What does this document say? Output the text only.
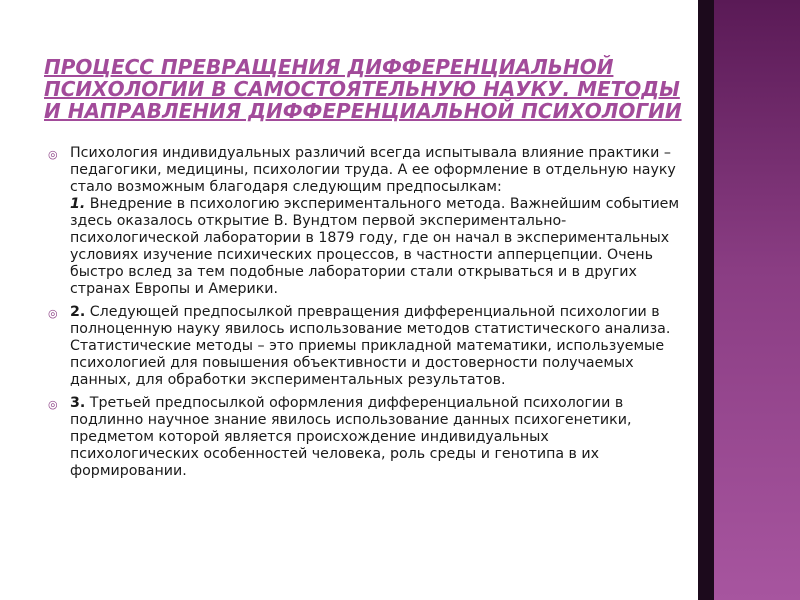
ПРОЦЕСС ПРЕВРАЩЕНИЯ ДИФФЕРЕНЦИАЛЬНОЙ ПСИХОЛОГИИ В САМОСТОЯТЕЛЬНУЮ НАУКУ. МЕТОДЫ И НАПРАВЛЕНИЯ ДИФФЕРЕНЦИАЛЬНОЙ ПСИХОЛОГИИ
◎ Психология индивидуальных различий всегда испытывала влияние практики – педагогики, медицины, психологии труда. А ее оформление в отдельную науку стало возможным благодаря следующим предпосылкам:
1. Внедрение в психологию экспериментального метода. Важнейшим событием здесь оказалось открытие В. Вундтом первой экспериментально-психологической лаборатории в 1879 году, где он начал в экспериментальных условиях изучение психических процессов, в частности апперцепции. Очень быстро вслед за тем подобные лаборатории стали открываться и в других странах Европы и Америки.
◎ 2. Следующей предпосылкой превращения дифференциальной психологии в полноценную науку явилось использование методов статистического анализа. Статистические методы – это приемы прикладной математики, используемые психологией для повышения объективности и достоверности получаемых данных, для обработки экспериментальных результатов.
◎ 3. Третьей предпосылкой оформления дифференциальной психологии в подлинно научное знание явилось использование данных психогенетики, предметом которой является происхождение индивидуальных психологических особенностей человека, роль среды и генотипа в их формировании.
